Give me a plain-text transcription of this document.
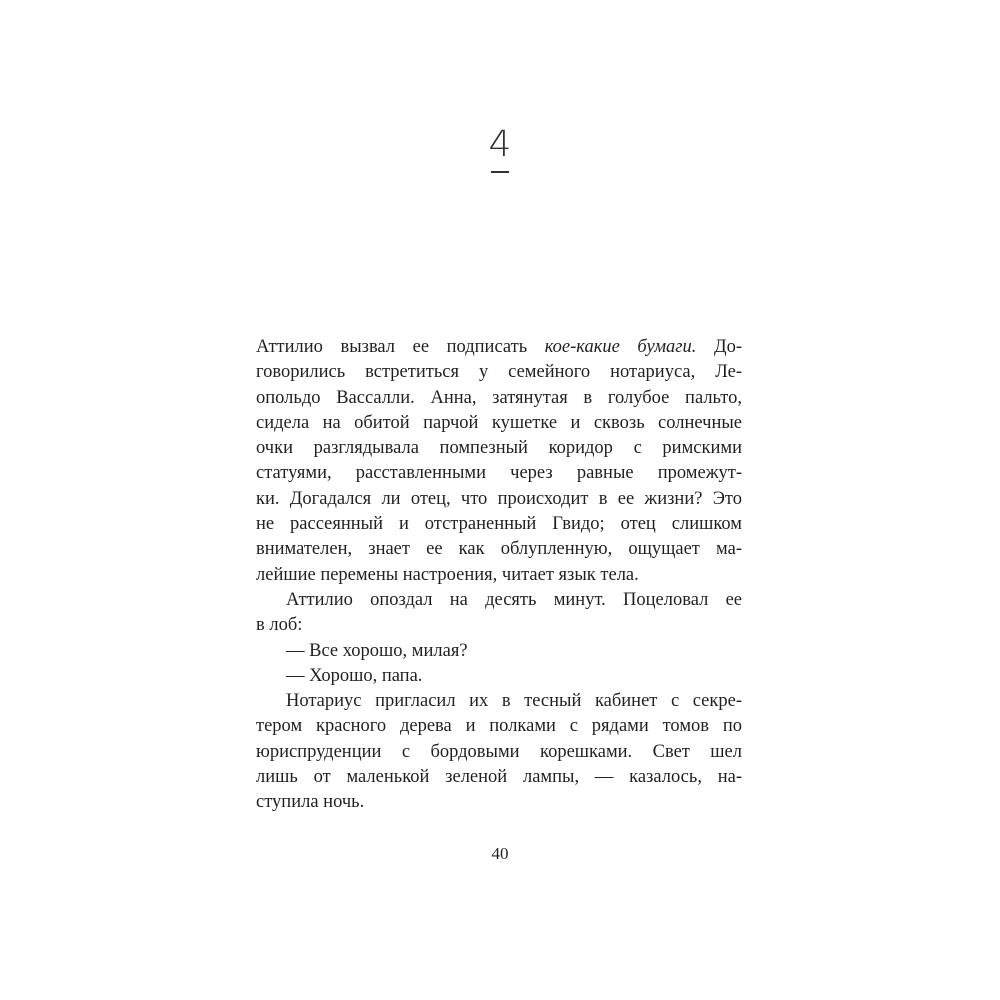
4

Аттилио вызвал ее подписать кое-какие бумаги. До-

говорились встретиться у семейного нотариуса, Ле-

опольдо Вассалли. Анна, затянутая в голубое пальто,

сидела на обитой парчой кушетке и сквозь солнечные

очки разглядывала помпезный коридор с римскими

статуями, расставленными через равные промежут-

ки. Догадался ли отец, что происходит в ее жизни? Это

не рассеянный и отстраненный Гвидо; отец слишком

внимателен, знает ее как облупленную, ощущает ма-

лейшие перемены настроения, читает язык тела.

Аттилио опоздал на десять минут. Поцеловал ее

в лоб:

— Все хорошо, милая?

— Хорошо, папа.

Нотариус пригласил их в тесный кабинет с секре-

тером красного дерева и полками с рядами томов по

юриспруденции с бордовыми корешками. Свет шел

лишь от маленькой зеленой лампы, — казалось, на-

ступила ночь.

40
